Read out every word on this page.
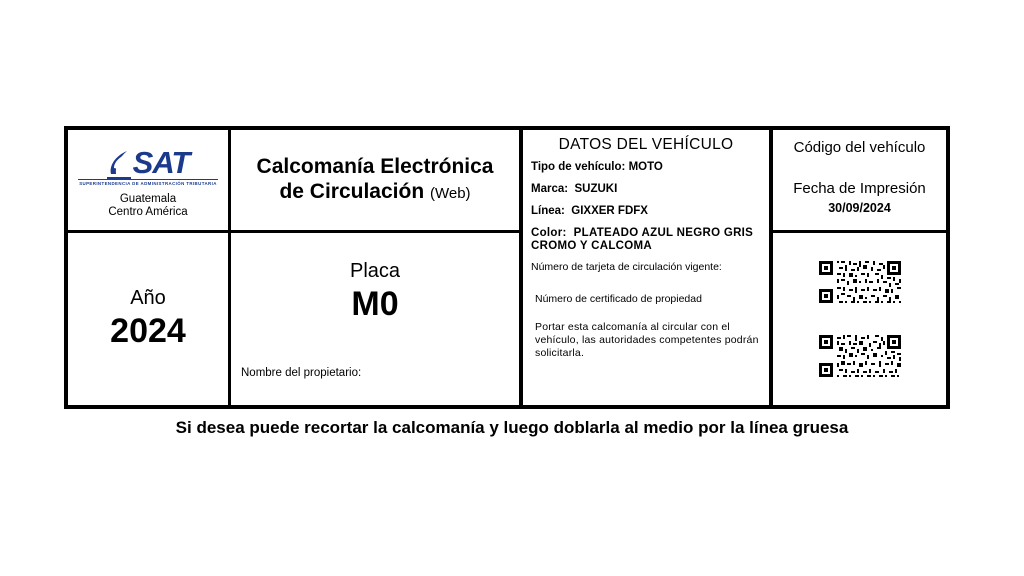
SAT
SUPERINTENDENCIA DE ADMINISTRACIÓN TRIBUTARIA
Guatemala
Centro América
Calcomanía Electrónica
de Circulación (Web)
Año
2024
Placa
M0
Nombre del propietario:
DATOS DEL VEHÍCULO
Tipo de vehículo: MOTO
Marca: SUZUKI
Línea: GIXXER FDFX
Color: PLATEADO AZUL NEGRO GRIS CROMO Y CALCOMA
Número de tarjeta de circulación vigente:
Número de certificado de propiedad
Portar esta calcomanía al circular con el vehículo, las autoridades competentes podrán solicitarla.
Código del vehículo
Fecha de Impresión
30/09/2024
Si desea puede recortar la calcomanía y luego doblarla al medio por la línea gruesa
